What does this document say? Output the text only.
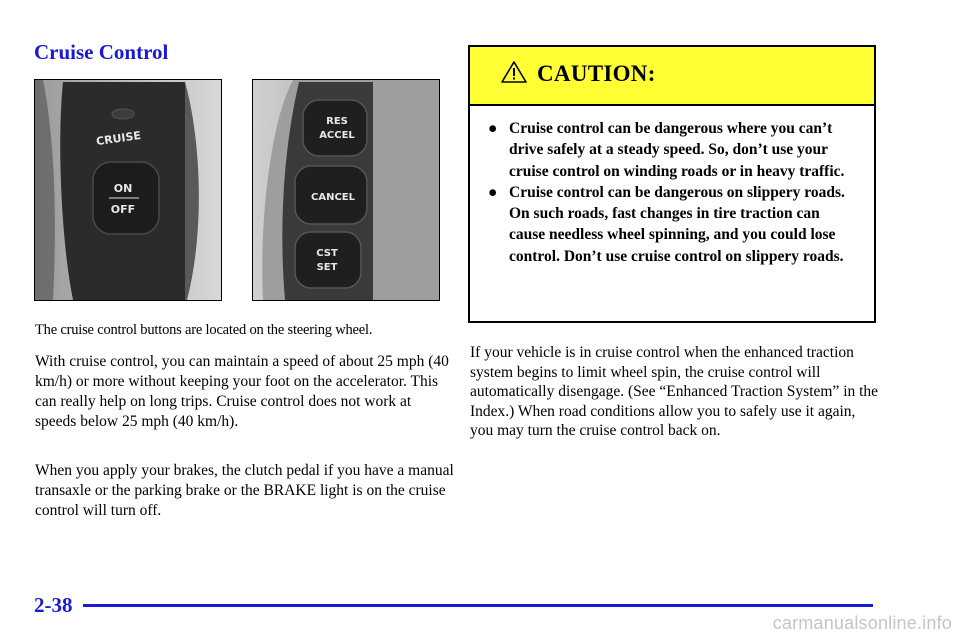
Cruise Control
CRUISE
ON
OFF
RES
ACCEL
CANCEL
CST
SET

The cruise control buttons are located on the steering wheel.

With cruise control, you can maintain a speed of about 25 mph (40 km/h) or more without keeping your foot on the accelerator. This can really help on long trips. Cruise control does not work at speeds below 25 mph (40 km/h).

When you apply your brakes, the clutch pedal if you have a manual transaxle or the parking brake or the BRAKE light is on the cruise control will turn off.

CAUTION:
● Cruise control can be dangerous where you can’t drive safely at a steady speed. So, don’t use your cruise control on winding roads or in heavy traffic.
● Cruise control can be dangerous on slippery roads. On such roads, fast changes in tire traction can cause needless wheel spinning, and you could lose control. Don’t use cruise control on slippery roads.

If your vehicle is in cruise control when the enhanced traction system begins to limit wheel spin, the cruise control will automatically disengage. (See “Enhanced Traction System” in the Index.) When road conditions allow you to safely use it again, you may turn the cruise control back on.

2-38
carmanualsonline.info
